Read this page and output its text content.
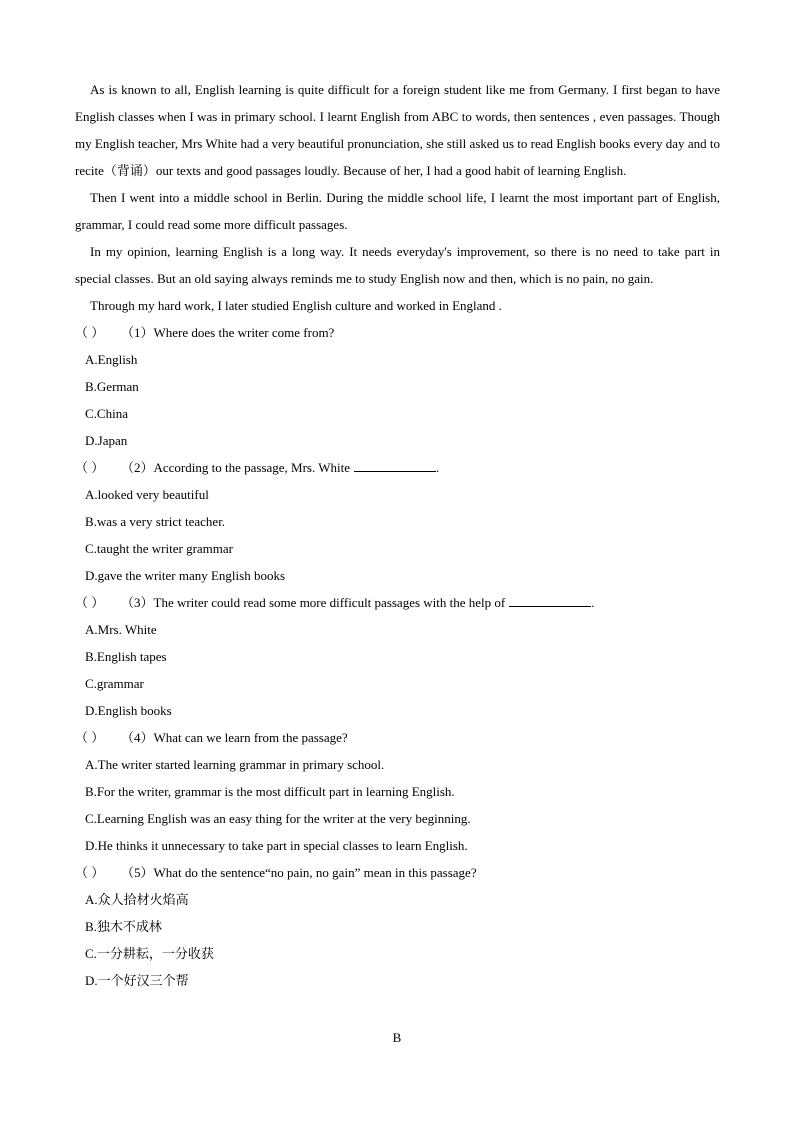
As is known to all, English learning is quite difficult for a foreign student like me from Germany. I first began to have English classes when I was in primary school. I learnt English from ABC to words, then sentences , even passages. Though my English teacher, Mrs White had a very beautiful pronunciation, she still asked us to read English books every day and to recite（背诵）our texts and good passages loudly. Because of her, I had a good habit of learning English.

Then I went into a middle school in Berlin. During the middle school life, I learnt the most important part of English, grammar, I could read some more difficult passages.

In my opinion, learning English is a long way. It needs everyday's improvement, so there is no need to take part in special classes. But an old saying always reminds me to study English now and then, which is no pain, no gain.

Through my hard work, I later studied English culture and worked in England .

（ ） （1）Where does the writer come from?

A.English

B.German

C.China

D.Japan

（ ） （2）According to the passage, Mrs. White	.

A.looked very beautiful

B.was a very strict teacher.

C.taught the writer grammar

D.gave the writer many English books

（ ） （3）The writer could read some more difficult passages with the help of	.

A.Mrs. White

B.English tapes

C.grammar

D.English books

（ ） （4）What can we learn from the passage?

A.The writer started learning grammar in primary school.

B.For the writer, grammar is the most difficult part in learning English.

C.Learning English was an easy thing for the writer at the very beginning.

D.He thinks it unnecessary to take part in special classes to learn English.

（ ） （5）What do the sentence“no pain, no gain” mean in this passage?

A.众人拾材火焰高

B.独木不成林

C.一分耕耘，一分收获

D.一个好汉三个帮

B
